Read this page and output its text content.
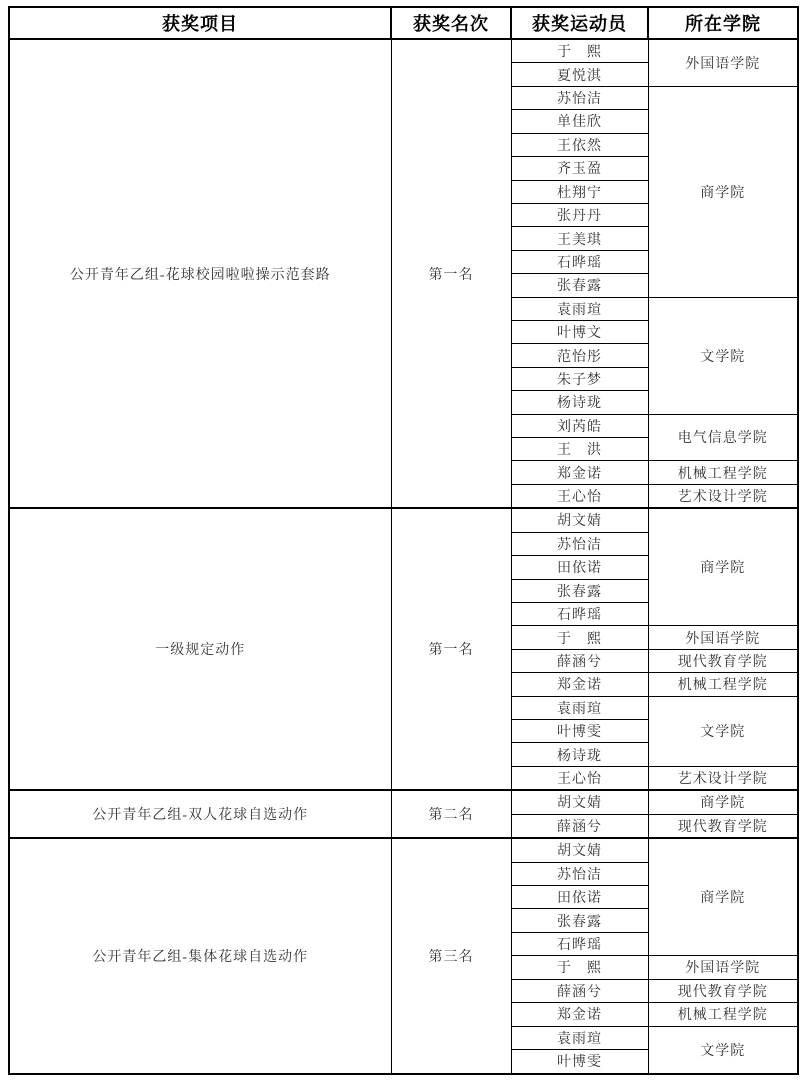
获奖项目	获奖名次	获奖运动员	所在学院
公开青年乙组-花球校园啦啦操示范套路	第一名	于　熙	外国语学院
		夏悦淇	
		苏怡洁	商学院
		单佳欣	
		王依然	
		齐玉盈	
		杜翔宁	
		张丹丹	
		王美琪	
		石晔瑶	
		张春露	
		袁雨瑄	文学院
		叶博文	
		范怡彤	
		朱子梦	
		杨诗珑	
		刘芮皓	电气信息学院
		王　洪	
		郑金诺	机械工程学院
		王心怡	艺术设计学院
一级规定动作	第一名	胡文婧	商学院
		苏怡洁	
		田依诺	
		张春露	
		石晔瑶	
		于　熙	外国语学院
		薛涵兮	现代教育学院
		郑金诺	机械工程学院
		袁雨瑄	文学院
		叶博雯	
		杨诗珑	
		王心怡	艺术设计学院
公开青年乙组-双人花球自选动作	第二名	胡文婧	商学院
		薛涵兮	现代教育学院
公开青年乙组-集体花球自选动作	第三名	胡文婧	商学院
		苏怡洁	
		田依诺	
		张春露	
		石晔瑶	
		于　熙	外国语学院
		薛涵兮	现代教育学院
		郑金诺	机械工程学院
		袁雨瑄	文学院
		叶博雯	
